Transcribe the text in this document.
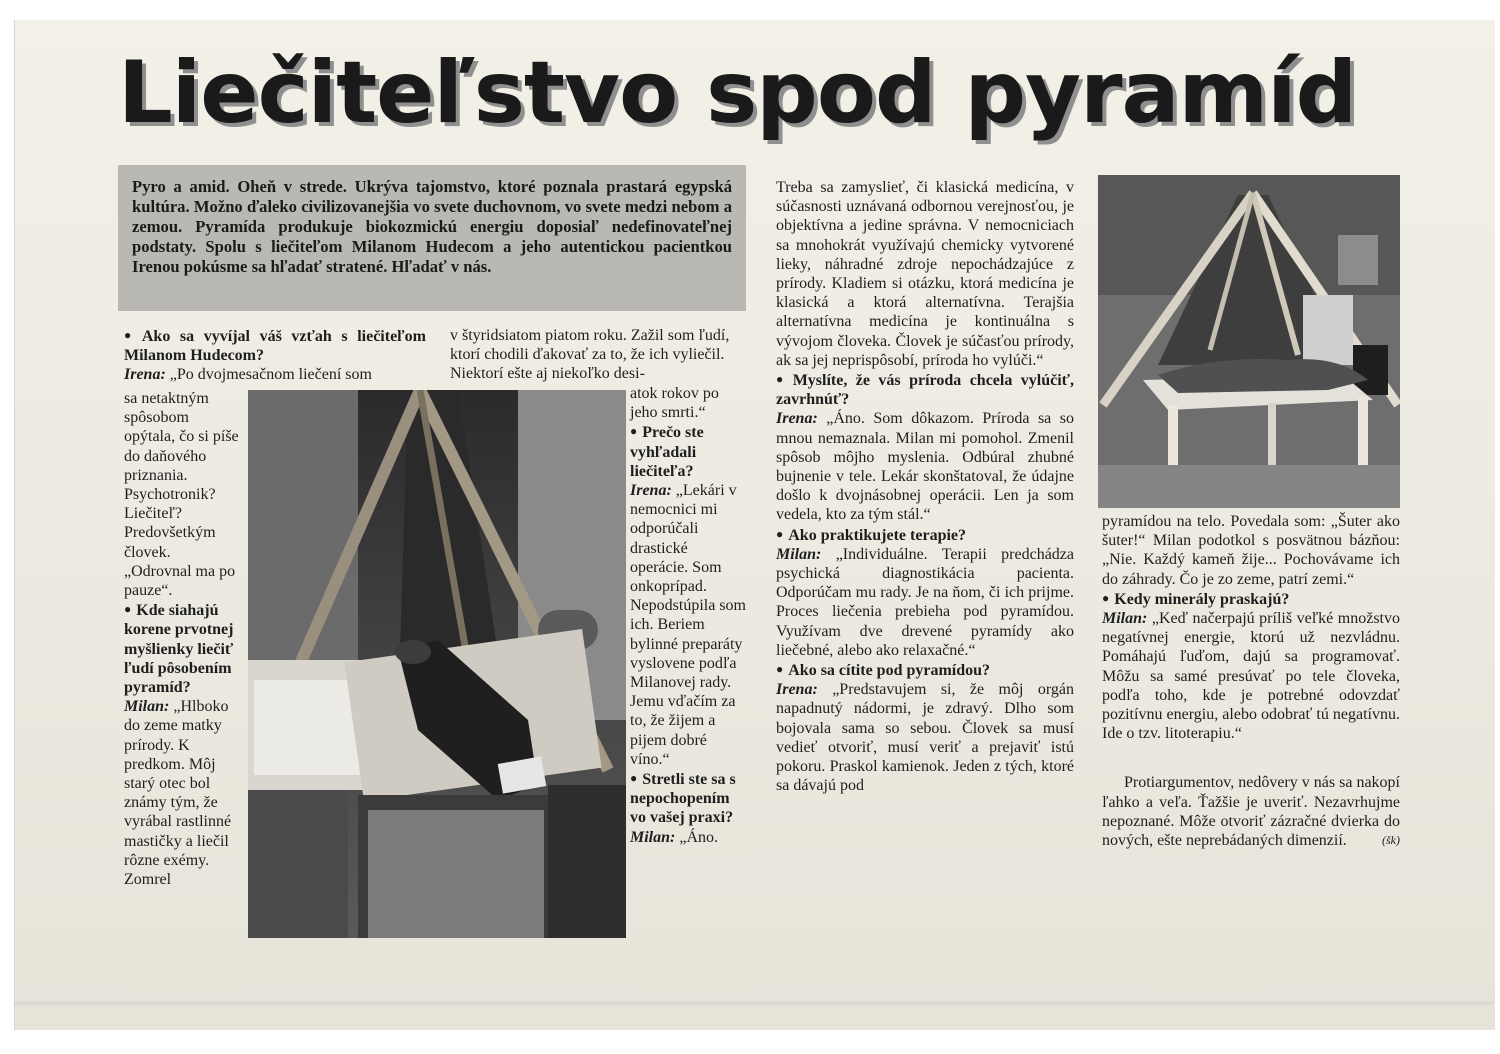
Liečiteľstvo spod pyramíd
Pyro a amid. Oheň v strede. Ukrýva tajomstvo, ktoré poznala prastará egypská kultúra. Možno ďaleko civilizovanejšia vo svete duchovnom, vo svete medzi nebom a zemou. Pyramída produkuje biokozmickú energiu doposiaľ nedefinovateľnej podstaty. Spolu s liečiteľom Milanom Hudecom a jeho autentickou pacientkou Irenou pokúsme sa hľadať stratené. Hľadať v nás.

● Ako sa vyvíjal váš vzťah s liečiteľom Milanom Hudecom?

Irena: „Po dvojmesačnom liečení som

sa netaktným spôsobom opýtala, čo si píše do daňového priznania. Psychotronik? Liečiteľ? Predovšetkým človek. „Odrovnal ma po pauze“.

● Kde siahajú korene prvotnej myšlienky liečiť ľudí pôsobením pyramíd?

Milan: „Hlboko do zeme matky prírody. K predkom. Môj starý otec bol známy tým, že vyrábal rastlinné mastičky a liečil rôzne exémy. Zomrel

v štyridsiatom piatom roku. Zažil som ľudí, ktorí chodili ďakovať za to, že ich vyliečil. Niektorí ešte aj niekoľko desi-

atok rokov po jeho smrti.“

● Prečo ste vyhľadali liečiteľa?

Irena: „Lekári v nemocnici mi odporúčali drastické operácie. Som onkoprípad. Nepodstúpila som ich. Beriem bylinné preparáty vyslovene podľa Milanovej rady. Jemu vďačím za to, že žijem a pijem dobré víno.“

● Stretli ste sa s nepochopením vo vašej praxi?

Milan: „Áno.

Treba sa zamyslieť, či klasická medicína, v súčasnosti uznávaná odbornou verejnosťou, je objektívna a jedine správna. V nemocniciach sa mnohokrát využívajú chemicky vytvorené lieky, náhradné zdroje nepochádzajúce z prírody. Kladiem si otázku, ktorá medicína je klasická a ktorá alternatívna. Terajšia alternatívna medicína je kontinuálna s vývojom človeka. Človek je súčasťou prírody, ak sa jej neprispôsobí, príroda ho vylúči.“

● Myslíte, že vás príroda chcela vylúčiť, zavrhnúť?

Irena: „Áno. Som dôkazom. Príroda sa so mnou nemaznala. Milan mi pomohol. Zmenil spôsob môjho myslenia. Odbúral zhubné bujnenie v tele. Lekár skonštatoval, že údajne došlo k dvojnásobnej operácii. Len ja som vedela, kto za tým stál.“

● Ako praktikujete terapie?

Milan: „Individuálne. Terapii predchádza psychická diagnostikácia pacienta. Odporúčam mu rady. Je na ňom, či ich prijme. Proces liečenia prebieha pod pyramídou. Využívam dve drevené pyramídy ako liečebné, alebo ako relaxačné.“

● Ako sa cítite pod pyramídou?

Irena: „Predstavujem si, že môj orgán napadnutý nádormi, je zdravý. Dlho som bojovala sama so sebou. Človek sa musí vedieť otvoriť, musí veriť a prejaviť istú pokoru. Praskol kamienok. Jeden z tých, ktoré sa dávajú pod

pyramídou na telo. Povedala som: „Šuter ako šuter!“ Milan podotkol s posvätnou bázňou: „Nie. Každý kameň žije... Pochovávame ich do záhrady. Čo je zo zeme, patrí zemi.“

● Kedy minerály praskajú?

Milan: „Keď načerpajú príliš veľké množstvo negatívnej energie, ktorú už nezvládnu. Pomáhajú ľuďom, dajú sa programovať. Môžu sa samé presúvať po tele človeka, podľa toho, kde je potrebné odovzdať pozitívnu energiu, alebo odobrať tú negatívnu. Ide o tzv. litoterapiu.“

Protiargumentov, nedôvery v nás sa nakopí ľahko a veľa. Ťažšie je uveriť. Nezavrhujme nepoznané. Môže otvoriť zázračné dvierka do nových, ešte neprebádaných dimenzií.	(šk)
